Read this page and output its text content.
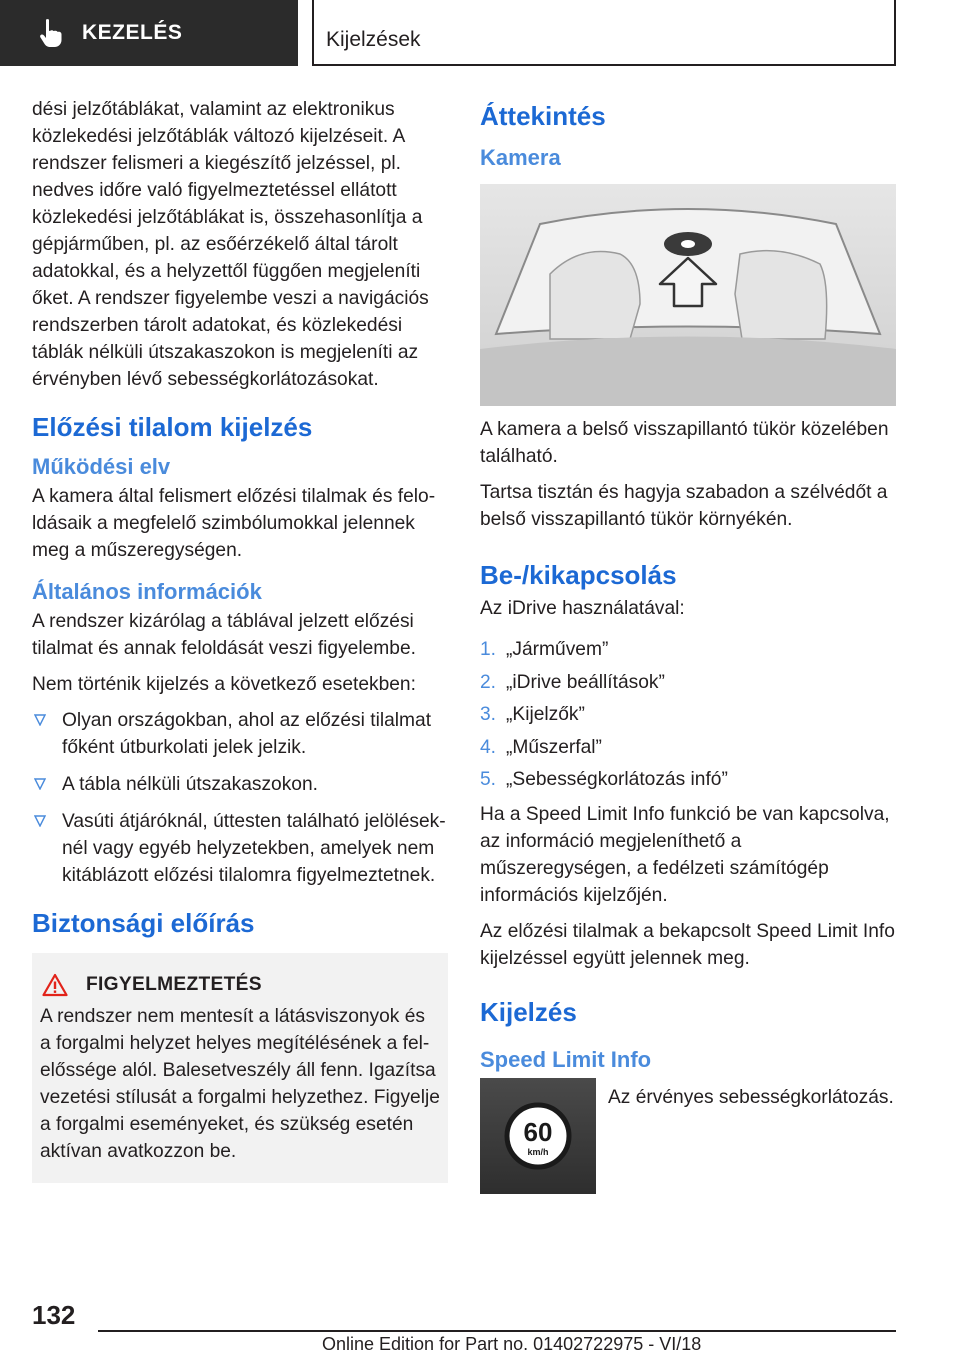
KEZELÉS	Kijelzések

dési jelzőtáblákat, valamint az elektronikus közlekedési jelzőtáblák változó kijelzéseit. A rendszer felismeri a kiegészítő jelzéssel, pl. nedves időre való figyelmeztetéssel ellátott közlekedési jelzőtáblákat is, összehasonlítja a gépjárműben, pl. az esőérzékelő által tárolt adatokkal, és a helyzettől függően megjeleníti őket. A rendszer figyelembe veszi a navigációs rendszerben tárolt adatokat, és közlekedési táblák nélküli útszakaszokon is megjeleníti az érvényben lévő sebességkorlátozásokat.

Előzési tilalom kijelzés
Működési elv

A kamera által felismert előzési tilalmak és feloldásaik a megfelelő szimbólumokkal jelennek meg a műszeregységen.

Általános információk

A rendszer kizárólag a táblával jelzett előzési tilalmat és annak feloldását veszi figyelembe.

Nem történik kijelzés a következő esetekben:

Olyan országokban, ahol az előzési tilalmat főként útburkolati jelek jelzik.
A tábla nélküli útszakaszokon.
Vasúti átjáróknál, úttesten található jelöléseknél vagy egyéb helyzetekben, amelyek nem kitáblázott előzési tilalomra figyelmeztetnek.
Biztonsági előírás
FIGYELMEZTETÉS

A rendszer nem mentesít a látásviszonyok és a forgalmi helyzet helyes megítélésének a felelőssége alól. Balesetveszély áll fenn. Igazítsa vezetési stílusát a forgalmi helyzethez. Figyelje a forgalmi eseményeket, és szükség esetén aktívan avatkozzon be.

Áttekintés
Kamera

A kamera a belső visszapillantó tükör közelében található.

Tartsa tisztán és hagyja szabadon a szélvédőt a belső visszapillantó tükör környékén.

Be-/kikapcsolás

Az iDrive használatával:

1. „Járművem”
2. „iDrive beállítások”
3. „Kijelzők”
4. „Műszerfal”
5. „Sebességkorlátozás infó”

Ha a Speed Limit Info funkció be van kapcsolva, az információ megjeleníthető a műszeregységen, a fedélzeti számítógép információs kijelzőjén.

Az előzési tilalmak a bekapcsolt Speed Limit Info kijelzéssel együtt jelennek meg.

Kijelzés
Speed Limit Info
60
km/h

Az érvényes sebességkorlátozás.

132
Online Edition for Part no. 01402722975 - VI/18
